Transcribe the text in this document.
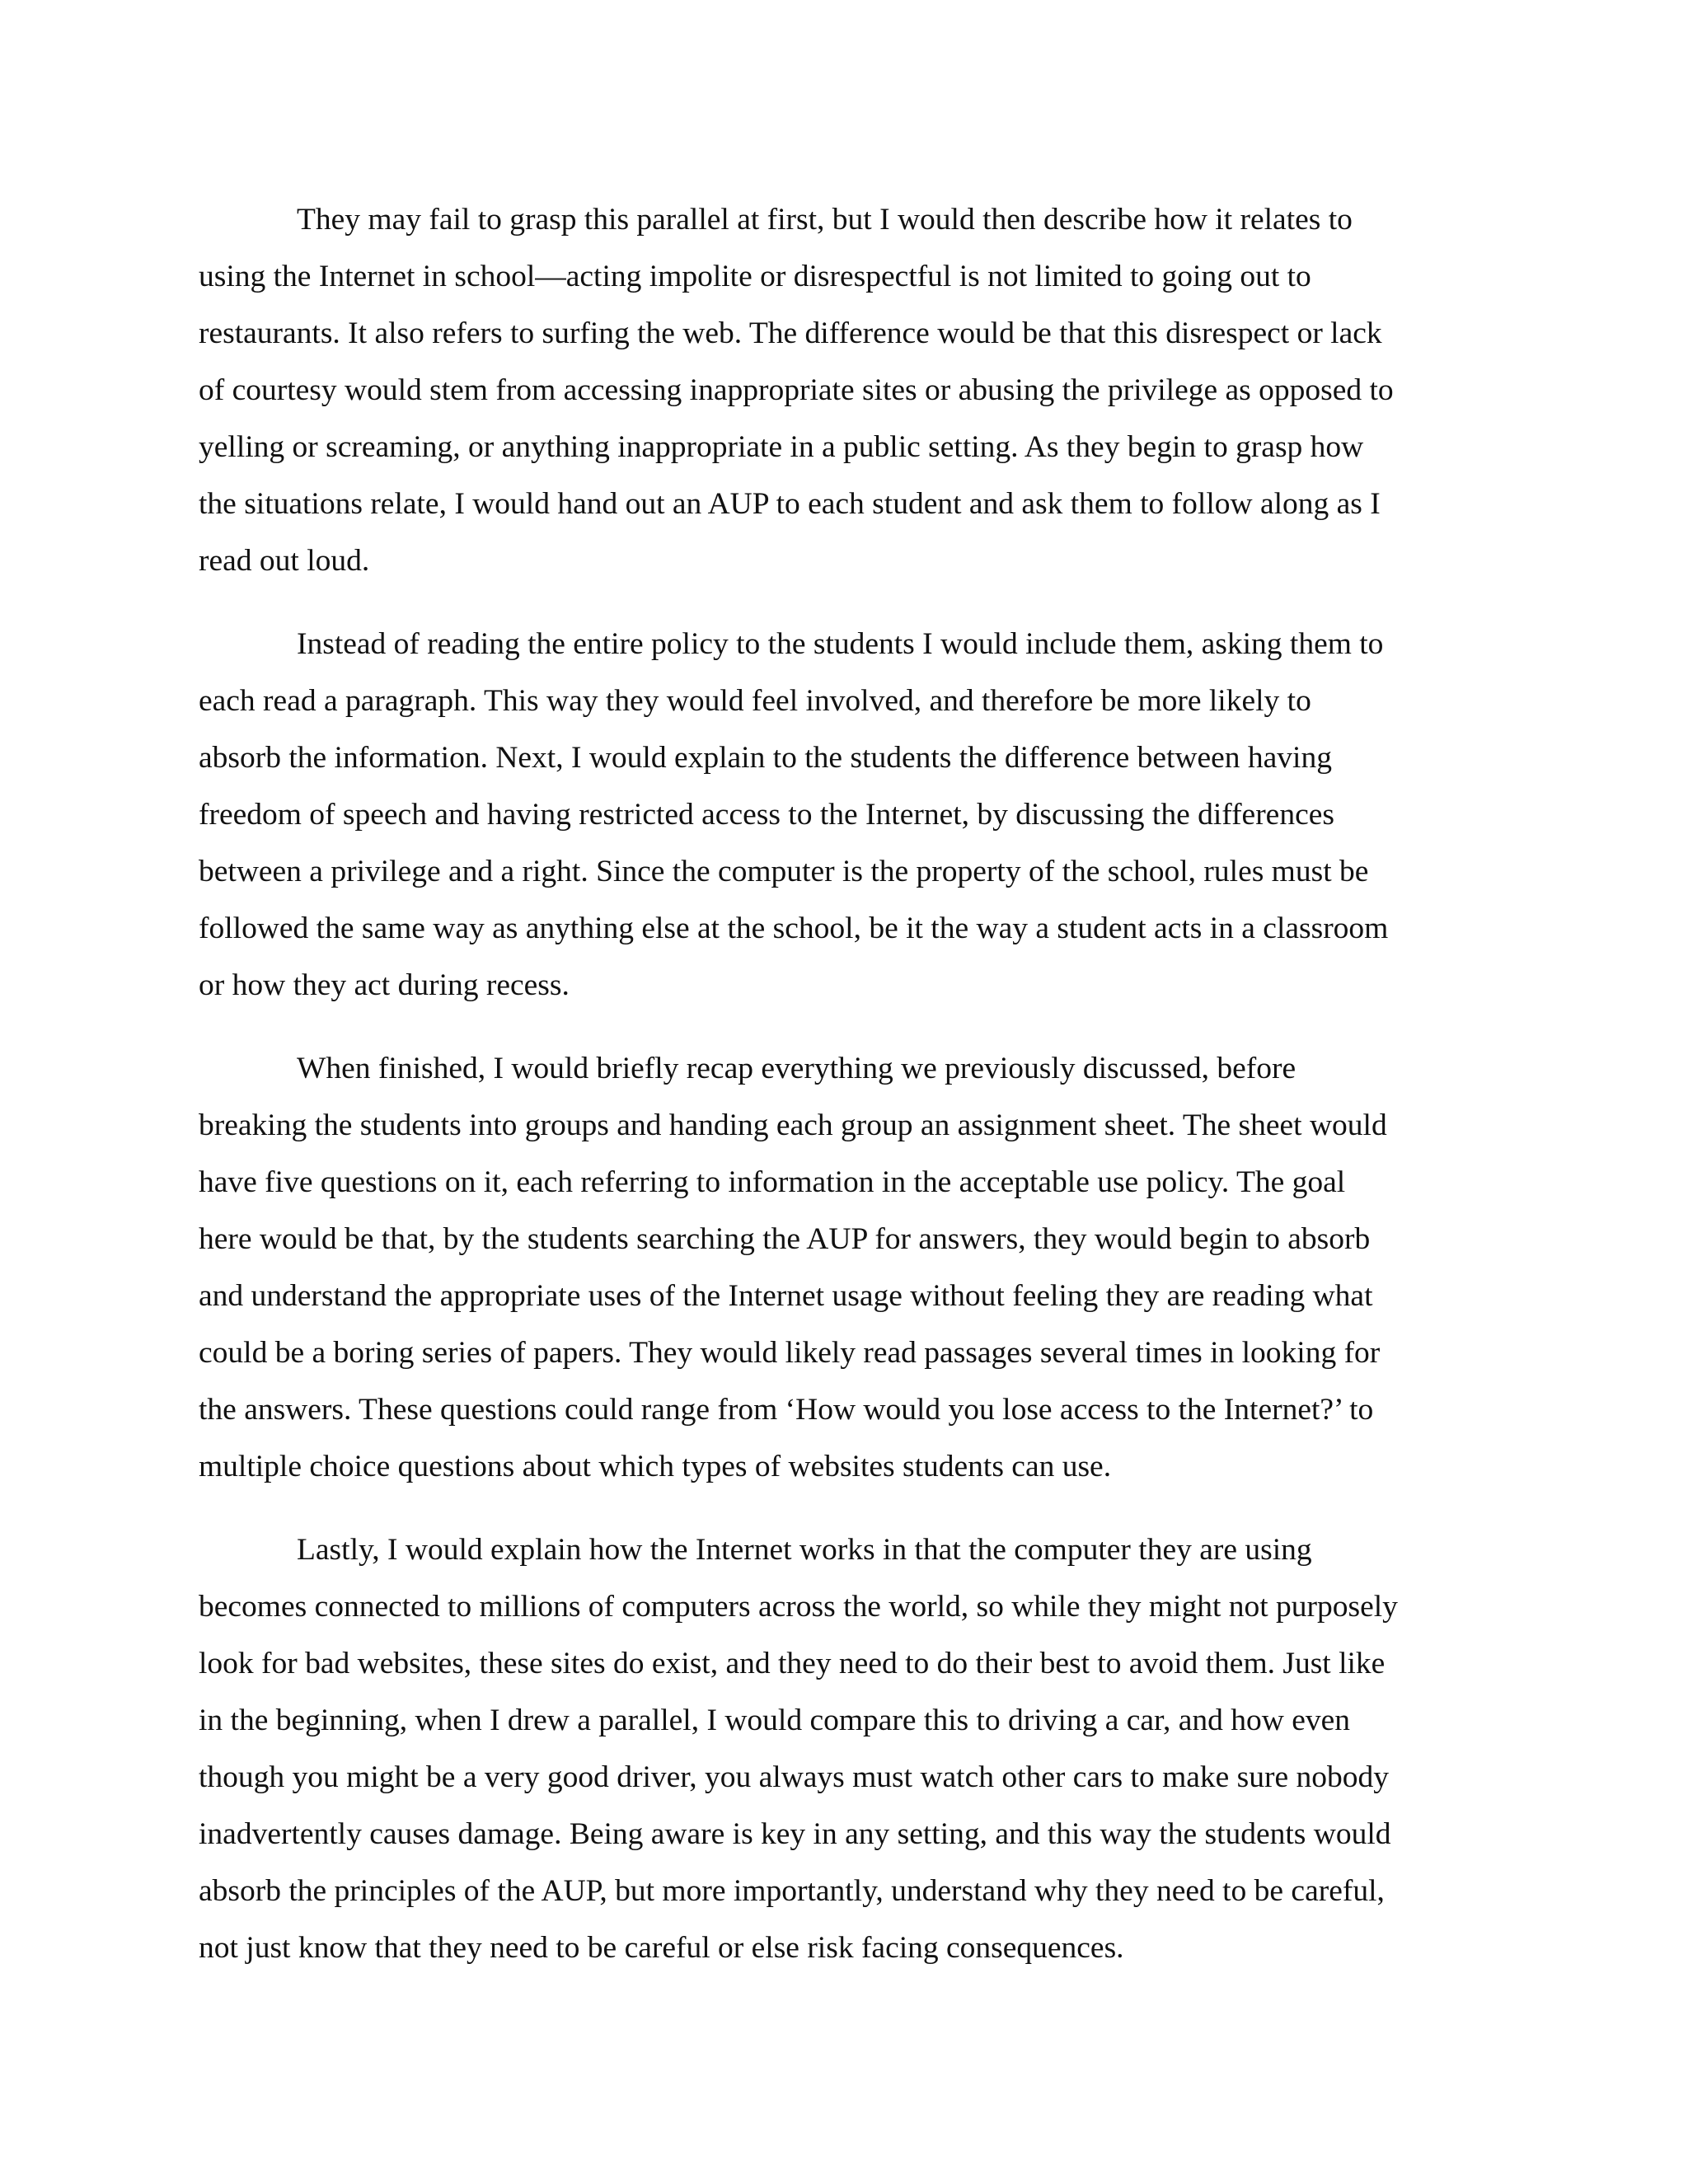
They may fail to grasp this parallel at first, but I would then describe how it relates to
using the Internet in school—acting impolite or disrespectful is not limited to going out to
restaurants. It also refers to surfing the web. The difference would be that this disrespect or lack
of courtesy would stem from accessing inappropriate sites or abusing the privilege as opposed to
yelling or screaming, or anything inappropriate in a public setting. As they begin to grasp how
the situations relate, I would hand out an AUP to each student and ask them to follow along as I
read out loud.
Instead of reading the entire policy to the students I would include them, asking them to
each read a paragraph. This way they would feel involved, and therefore be more likely to
absorb the information. Next, I would explain to the students the difference between having
freedom of speech and having restricted access to the Internet, by discussing the differences
between a privilege and a right. Since the computer is the property of the school, rules must be
followed the same way as anything else at the school, be it the way a student acts in a classroom
or how they act during recess.
When finished, I would briefly recap everything we previously discussed, before
breaking the students into groups and handing each group an assignment sheet. The sheet would
have five questions on it, each referring to information in the acceptable use policy. The goal
here would be that, by the students searching the AUP for answers, they would begin to absorb
and understand the appropriate uses of the Internet usage without feeling they are reading what
could be a boring series of papers. They would likely read passages several times in looking for
the answers. These questions could range from ‘How would you lose access to the Internet?’ to
multiple choice questions about which types of websites students can use.
Lastly, I would explain how the Internet works in that the computer they are using
becomes connected to millions of computers across the world, so while they might not purposely
look for bad websites, these sites do exist, and they need to do their best to avoid them. Just like
in the beginning, when I drew a parallel, I would compare this to driving a car, and how even
though you might be a very good driver, you always must watch other cars to make sure nobody
inadvertently causes damage. Being aware is key in any setting, and this way the students would
absorb the principles of the AUP, but more importantly, understand why they need to be careful,
not just know that they need to be careful or else risk facing consequences.
